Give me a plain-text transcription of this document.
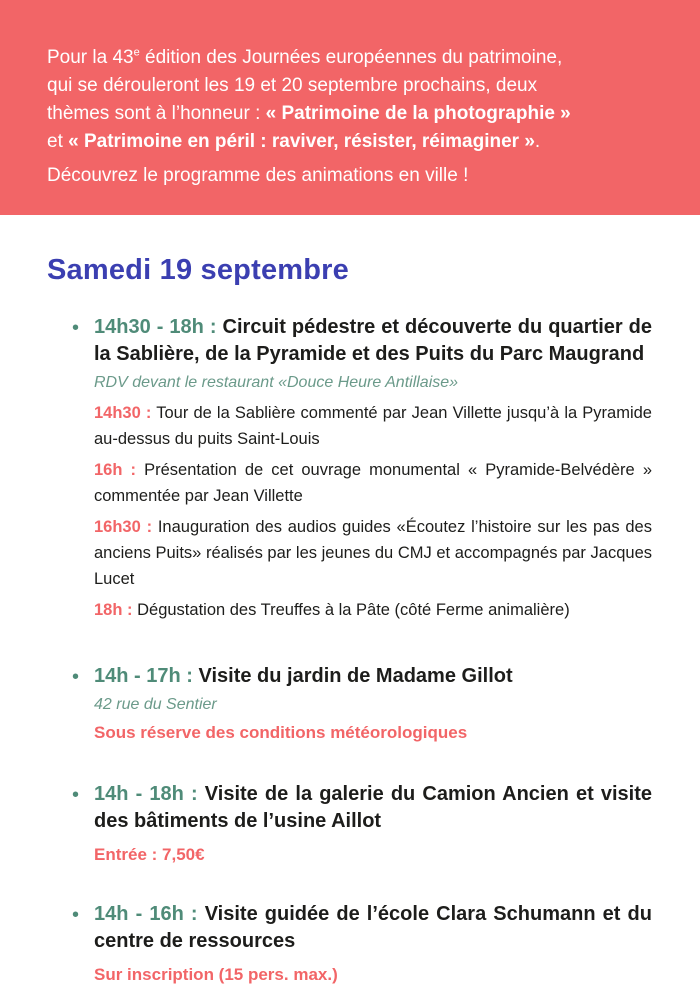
Pour la 43e édition des Journées européennes du patrimoine,
qui se dérouleront les 19 et 20 septembre prochains, deux
thèmes sont à l’honneur : « Patrimoine de la photographie »
et « Patrimoine en péril : raviver, résister, réimaginer ».
Découvrez le programme des animations en ville !

Samedi 19 septembre
• 14h30 - 18h : Circuit pédestre et découverte du quartier de la Sablière, de la Pyramide et des Puits du Parc Maugrand

RDV devant le restaurant «Douce Heure Antillaise»

14h30 : Tour de la Sablière commenté par Jean Villette jusqu’à la Pyramide au-dessus du puits Saint-Louis

16h : Présentation de cet ouvrage monumental « Pyramide-Belvédère » commentée par Jean Villette

16h30 : Inauguration des audios guides «Écoutez l’histoire sur les pas des anciens Puits» réalisés par les jeunes du CMJ et accompagnés par Jacques Lucet

18h : Dégustation des Treuffes à la Pâte (côté Ferme animalière)

• 14h - 17h : Visite du jardin de Madame Gillot

42 rue du Sentier

Sous réserve des conditions météorologiques

• 14h - 18h : Visite de la galerie du Camion Ancien et visite des bâtiments de l’usine Aillot

Entrée : 7,50€

• 14h - 16h : Visite guidée de l’école Clara Schumann et du centre de ressources

Sur inscription (15 pers. max.)
